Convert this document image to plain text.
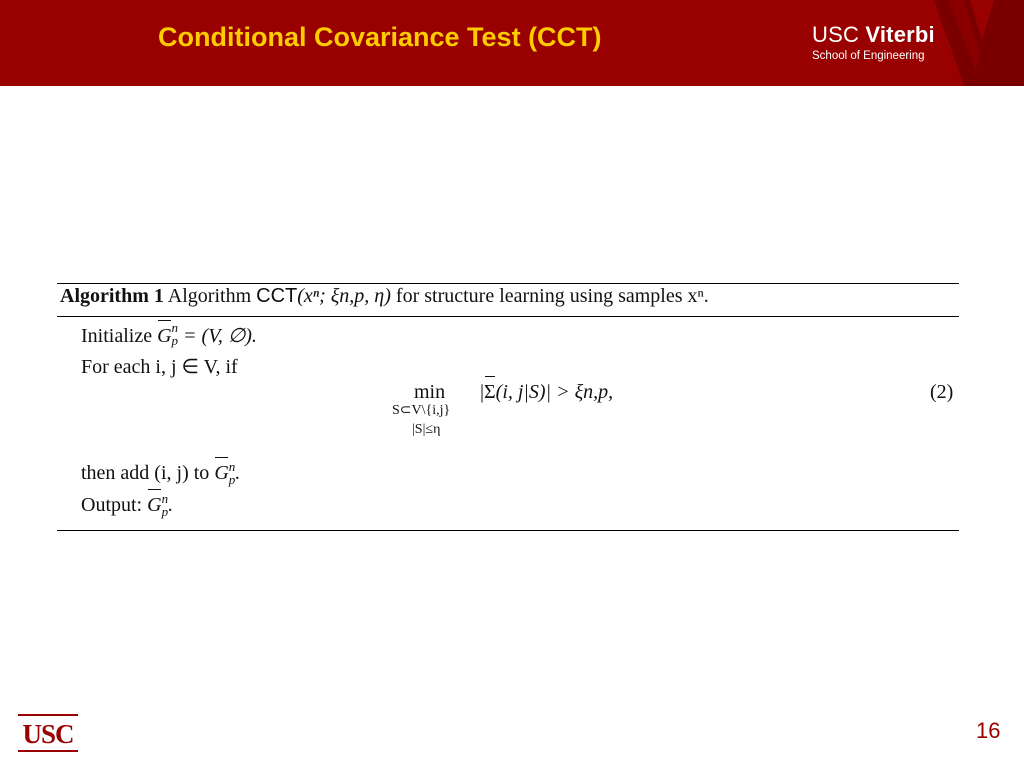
Conditional Covariance Test (CCT)	USC Viterbi
School of Engineering
Algorithm 1 Algorithm CCT(xⁿ; ξn,p, η) for structure learning using samples xⁿ.
Initialize G n
p = (V, ∅).
For each i, j ∈ V, if
min
S⊂V\{i,j}
|S|≤η
|Σ(i, j|S)| > ξn,p,	(2)
then add (i, j) to G n
p .
Output: G n
p .
USC	16
